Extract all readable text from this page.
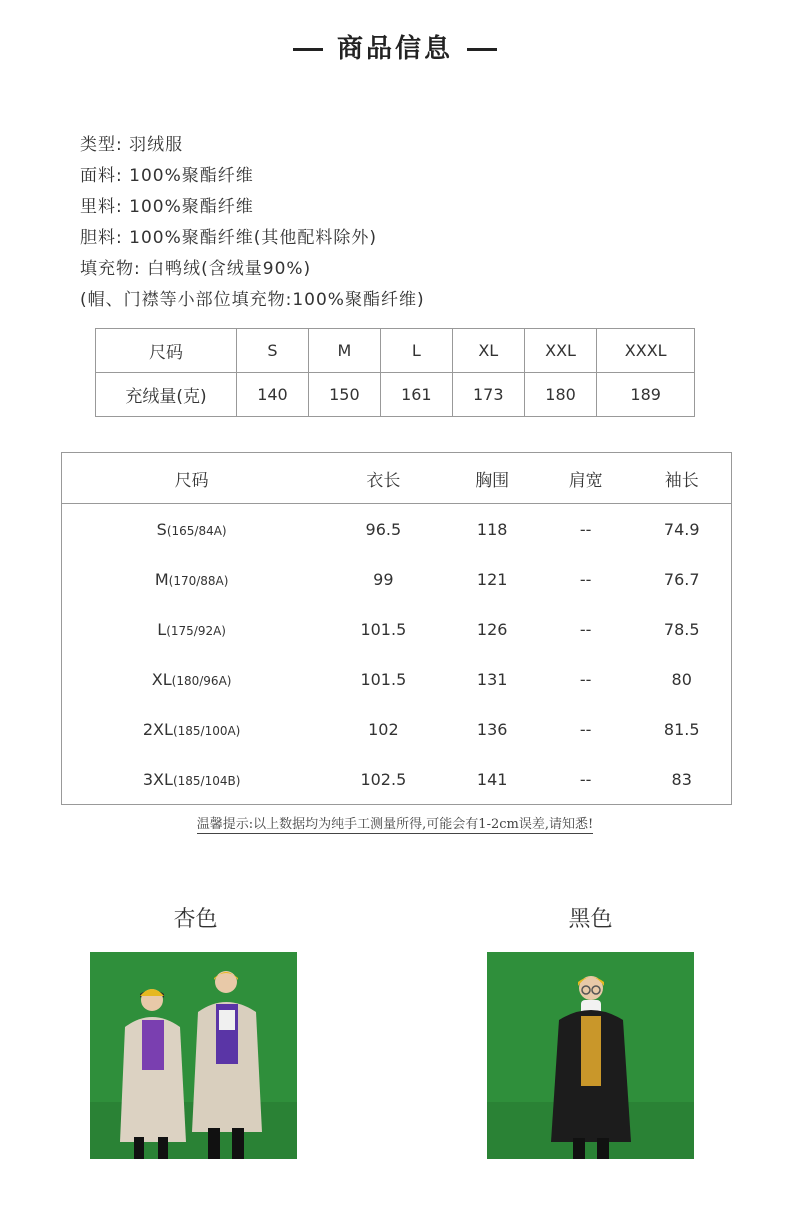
商品信息
类型: 羽绒服
面料: 100%聚酯纤维
里料: 100%聚酯纤维
胆料: 100%聚酯纤维(其他配料除外)
填充物: 白鸭绒(含绒量90%)
(帽、门襟等小部位填充物:100%聚酯纤维)
尺码	S	M	L	XL	XXL	XXXL
充绒量(克)	140	150	161	173	180	189
尺码	衣长	胸围	肩宽	袖长
S(165/84A)	96.5	118	--	74.9
M(170/88A)	99	121	--	76.7
L(175/92A)	101.5	126	--	78.5
XL(180/96A)	101.5	131	--	80
2XL(185/100A)	102	136	--	81.5
3XL(185/104B)	102.5	141	--	83
温馨提示:以上数据均为纯手工测量所得,可能会有1-2cm误差,请知悉!
杏色	黑色
